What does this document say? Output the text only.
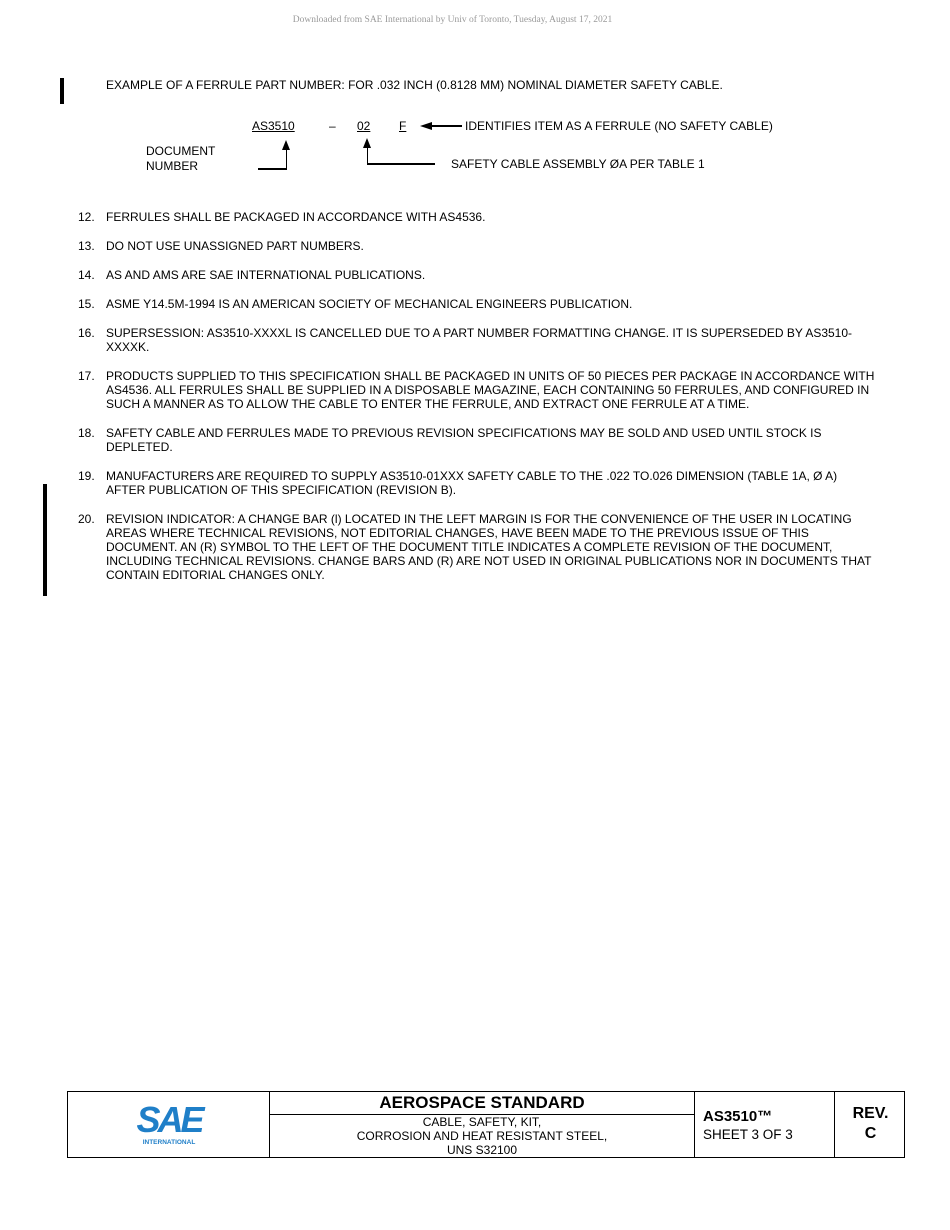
Downloaded from SAE International by Univ of Toronto, Tuesday, August 17, 2021
EXAMPLE OF A FERRULE PART NUMBER: FOR .032 INCH (0.8128 MM) NOMINAL DIAMETER SAFETY CABLE.
AS3510	– 02 F	IDENTIFIES ITEM AS A FERRULE (NO SAFETY CABLE)
DOCUMENT
NUMBER	SAFETY CABLE ASSEMBLY ØA PER TABLE 1
12. FERRULES SHALL BE PACKAGED IN ACCORDANCE WITH AS4536.
13. DO NOT USE UNASSIGNED PART NUMBERS.
14. AS AND AMS ARE SAE INTERNATIONAL PUBLICATIONS.
15. ASME Y14.5M-1994 IS AN AMERICAN SOCIETY OF MECHANICAL ENGINEERS PUBLICATION.
16. SUPERSESSION: AS3510-XXXXL IS CANCELLED DUE TO A PART NUMBER FORMATTING CHANGE. IT IS SUPERSEDED BY AS3510-XXXXK.
17. PRODUCTS SUPPLIED TO THIS SPECIFICATION SHALL BE PACKAGED IN UNITS OF 50 PIECES PER PACKAGE IN ACCORDANCE WITH AS4536. ALL FERRULES SHALL BE SUPPLIED IN A DISPOSABLE MAGAZINE, EACH CONTAINING 50 FERRULES, AND CONFIGURED IN SUCH A MANNER AS TO ALLOW THE CABLE TO ENTER THE FERRULE, AND EXTRACT ONE FERRULE AT A TIME.
18. SAFETY CABLE AND FERRULES MADE TO PREVIOUS REVISION SPECIFICATIONS MAY BE SOLD AND USED UNTIL STOCK IS DEPLETED.
19. MANUFACTURERS ARE REQUIRED TO SUPPLY AS3510-01XXX SAFETY CABLE TO THE .022 TO.026 DIMENSION (TABLE 1A, Ø A) AFTER PUBLICATION OF THIS SPECIFICATION (REVISION B).
20. REVISION INDICATOR: A CHANGE BAR (l) LOCATED IN THE LEFT MARGIN IS FOR THE CONVENIENCE OF THE USER IN LOCATING AREAS WHERE TECHNICAL REVISIONS, NOT EDITORIAL CHANGES, HAVE BEEN MADE TO THE PREVIOUS ISSUE OF THIS DOCUMENT. AN (R) SYMBOL TO THE LEFT OF THE DOCUMENT TITLE INDICATES A COMPLETE REVISION OF THE DOCUMENT, INCLUDING TECHNICAL REVISIONS. CHANGE BARS AND (R) ARE NOT USED IN ORIGINAL PUBLICATIONS NOR IN DOCUMENTS THAT CONTAIN EDITORIAL CHANGES ONLY.
SAE
INTERNATIONAL
AEROSPACE STANDARD
CABLE, SAFETY, KIT,
CORROSION AND HEAT RESISTANT STEEL,
UNS S32100
AS3510™
SHEET 3 OF 3
REV.
C
